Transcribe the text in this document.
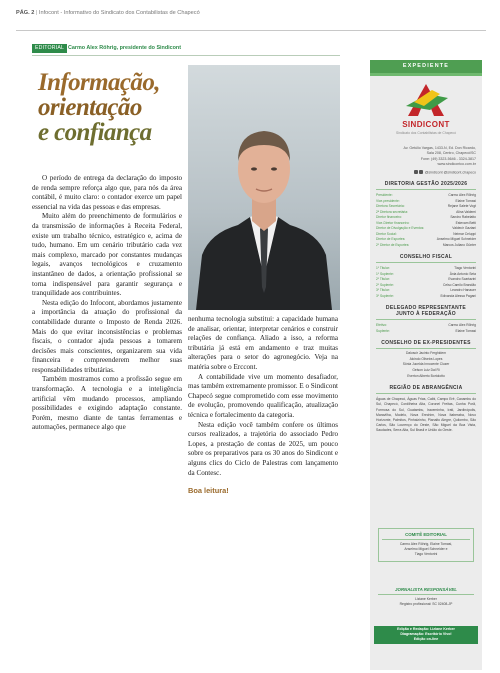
PÁG. 2 | Infocont - Informativo do Sindicato dos Contabilistas de Chapecó
EDITORIAL Carmo Alex Röhrig, presidente do Sindicont
Informação,
orientação
e confiança

O período de entrega da declaração do imposto de renda sempre reforça algo que, para nós da área contábil, é muito claro: o contador exerce um papel essencial na vida das pessoas e das empresas.

Muito além do preenchimento de formulários e da transmissão de informações à Receita Federal, existe um trabalho técnico, estratégico e, acima de tudo, humano. Em um cenário tributário cada vez mais complexo, marcado por constantes mudanças legais, avanços tecnológicos e cruzamento instantâneo de dados, a orientação profissional se torna indispensável para garantir segurança e tranquilidade aos contribuintes.

Nesta edição do Infocont, abordamos justamente a importância da atuação do profissional da contabilidade durante o Imposto de Renda 2026. Mais do que evitar inconsistências e problemas fiscais, o contador ajuda pessoas a tomarem decisões mais conscientes, organizarem sua vida financeira e compreenderem melhor suas responsabilidades tributárias.

Também mostramos como a profissão segue em transformação. A tecnologia e a inteligência artificial vêm mudando processos, ampliando possibilidades e exigindo adaptação constante. Porém, mesmo diante de tantas ferramentas e automações, permanece algo que

nenhuma tecnologia substitui: a capacidade humana de analisar, orientar, interpretar cenários e construir relações de confiança. Aliado a isso, a reforma tributária já está em andamento e traz muitas alterações para o setor do agronegócio. Veja na matéria sobre o Erccont.

A contabilidade vive um momento desafiador, mas também extremamente promissor. E o Sindicont Chapecó segue comprometido com esse movimento de evolução, promovendo qualificação, atualização técnica e fortalecimento da categoria.

Nesta edição você também confere os últimos cursos realizados, a trajetória do associado Pedro Lopes, a prestação de contas de 2025, um pouco sobre os preparativos para os 30 anos do Sindicont e alguns clics do Ciclo de Palestras com lançamento da Contesc.

Boa leitura!

EXPEDIENTE
SINDICONT
Sindicato dos Contabilistas de Chapecó
Av. Getúlio Vargas, 1433-N, Ed. Don Ricardo,
Sala 208, Centro, Chapecó/SC
Fone: (49) 3323-5646 - 3324-3817
www.sindicontco.com.br
@sindicont @sindicont.chapeco
DIRETORIA GESTÃO 2025/2026
Presidente:	Carmo Alex Röhrig
Vice-presidente:	Elaine Tomasi
Diretora Secretária:	Rejane Salete Vogt
2ª Diretora secretária:	Alina Valdemi
Diretor financeiro:	Sandro Rabelatto
Vice-Diretor financeiro:	Estevam Betti
Diretor de Divulgação e Eventos:	Valdecir Gaziani
Diretor Social:	Neimar Celuppi
Diretor de Esportes:	Anselmo Miguel Schneider
2º Diretor de Esportes:	Marcos Juliano Günter
CONSELHO FISCAL
1º Titular:	Tiago Ventorini
1º Suplente:	Ânia Antonio Seta
2º Titular:	Evandro Scartazini
2º Suplente:	Celso Camilo Brandão
3º Titular:	Leandro Hanauer
3º Suplente:	Edivanda Alessa Pagani
DELEGADO REPRESENTANTE JUNTO À FEDERAÇÃO
Efetivo:	Carmo Alex Röhrig
Suplente:	Elaine Tomasi
CONSELHO DE EX-PRESIDENTES
Dalvacir Jacinto Ferghidem
Alcindo Oliveira Lopes
Sônia Jucelda Innocente Cluzer
Gelson Luiz Dal Ri
Everton Alberto Bortolotto
REGIÃO DE ABRANGÊNCIA
Águas de Chapecó, Águas Frias, Caibi, Campo Erê, Caxambu do Sul, Chapecó, Cordilheira Alta, Coronel Freitas, Cunha Porã, Formosa do Sul, Guatambu, Iraceminha, Irati, Jardinópolis, Maravilha, Modelo, Nova Erechim, Nova Itaberaba, Novo Horizonte, Palmitos, Pinhalzinho, Planalto Alegre, Quilombo, São Carlos, São Lourenço do Oeste, São Miguel da Boa Vista, Saudades, Serra Alta, Sul Brasil e União do Oeste.
COMITÊ EDITORIAL
Carmo Alex Röhrig, Elaine Tomasi,
Anselmo Miguel Schneider e
Tiago Ventorini
JORNALISTA RESPONSÁVEL
Liziane Kerber
Registro profissional: SC 02408-JP
Edição e Redação: Liziane Kerber
Diagramação: Escritório Vivo!
Edição on-line
